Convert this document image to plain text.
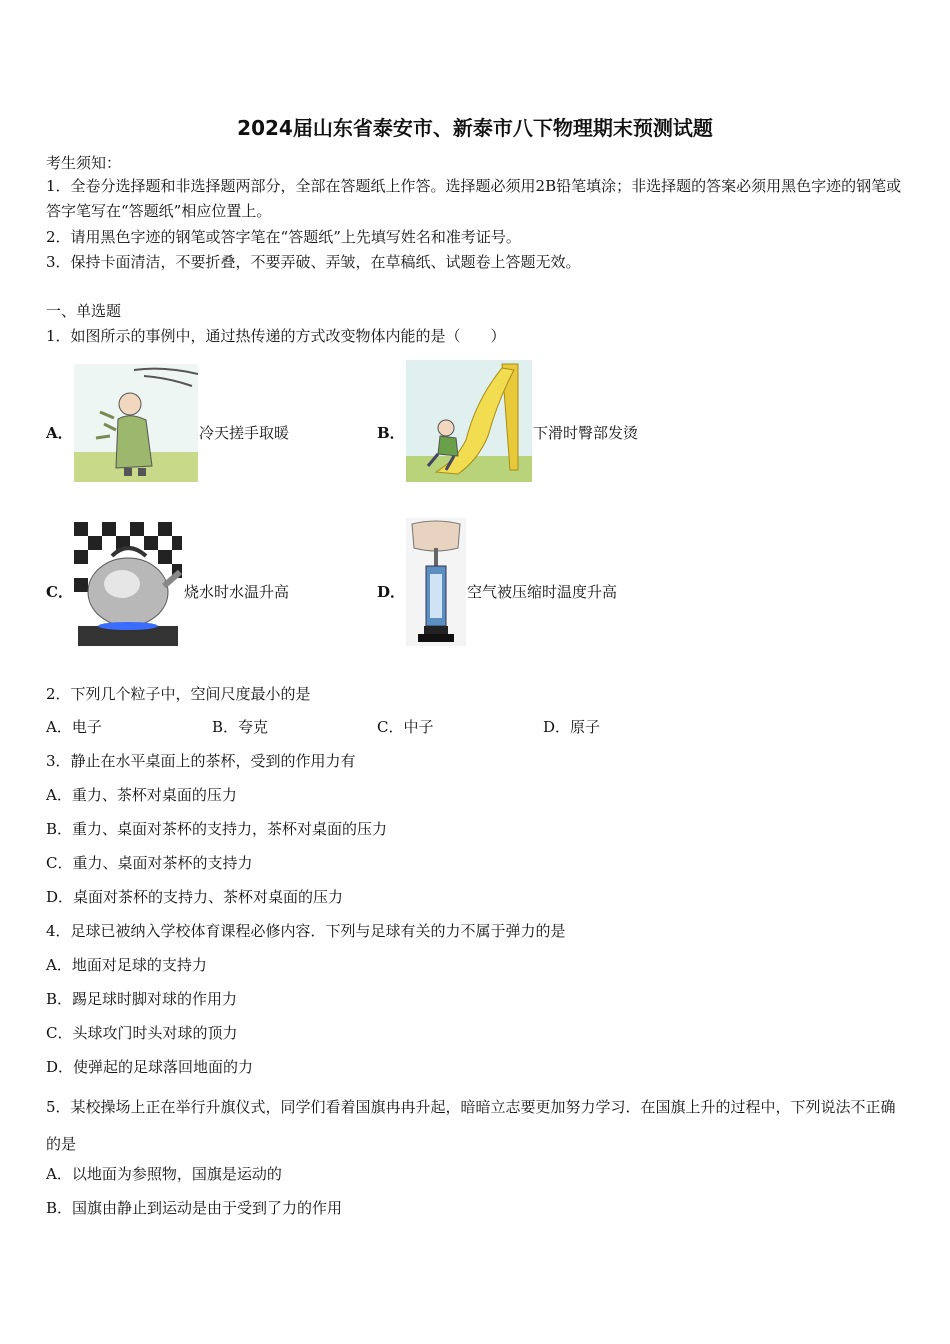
2024届山东省泰安市、新泰市八下物理期末预测试题
考生须知：
1．全卷分选择题和非选择题两部分，全部在答题纸上作答。选择题必须用2B铅笔填涂；非选择题的答案必须用黑色字迹的钢笔或答字笔写在“答题纸”相应位置上。
2．请用黑色字迹的钢笔或答字笔在“答题纸”上先填写姓名和准考证号。
3．保持卡面清洁，不要折叠，不要弄破、弄皱，在草稿纸、试题卷上答题无效。
一、单选题
1．如图所示的事例中，通过热传递的方式改变物体内能的是（　　）
A．	冷天搓手取暖	B．	下滑时臀部发烫
C．	烧水时水温升高	D．	空气被压缩时温度升高
2．下列几个粒子中，空间尺度最小的是
A．电子	B．夸克	C．中子	D．原子
3．静止在水平桌面上的茶杯，受到的作用力有
A．重力、茶杯对桌面的压力
B．重力、桌面对茶杯的支持力，茶杯对桌面的压力
C．重力、桌面对茶杯的支持力
D．桌面对茶杯的支持力、茶杯对桌面的压力
4．足球已被纳入学校体育课程必修内容．下列与足球有关的力不属于弹力的是
A．地面对足球的支持力
B．踢足球时脚对球的作用力
C．头球攻门时头对球的顶力
D．使弹起的足球落回地面的力
5．某校操场上正在举行升旗仪式，同学们看着国旗冉冉升起，暗暗立志要更加努力学习．在国旗上升的过程中，下列说法不正确的是
A．以地面为参照物，国旗是运动的
B．国旗由静止到运动是由于受到了力的作用
